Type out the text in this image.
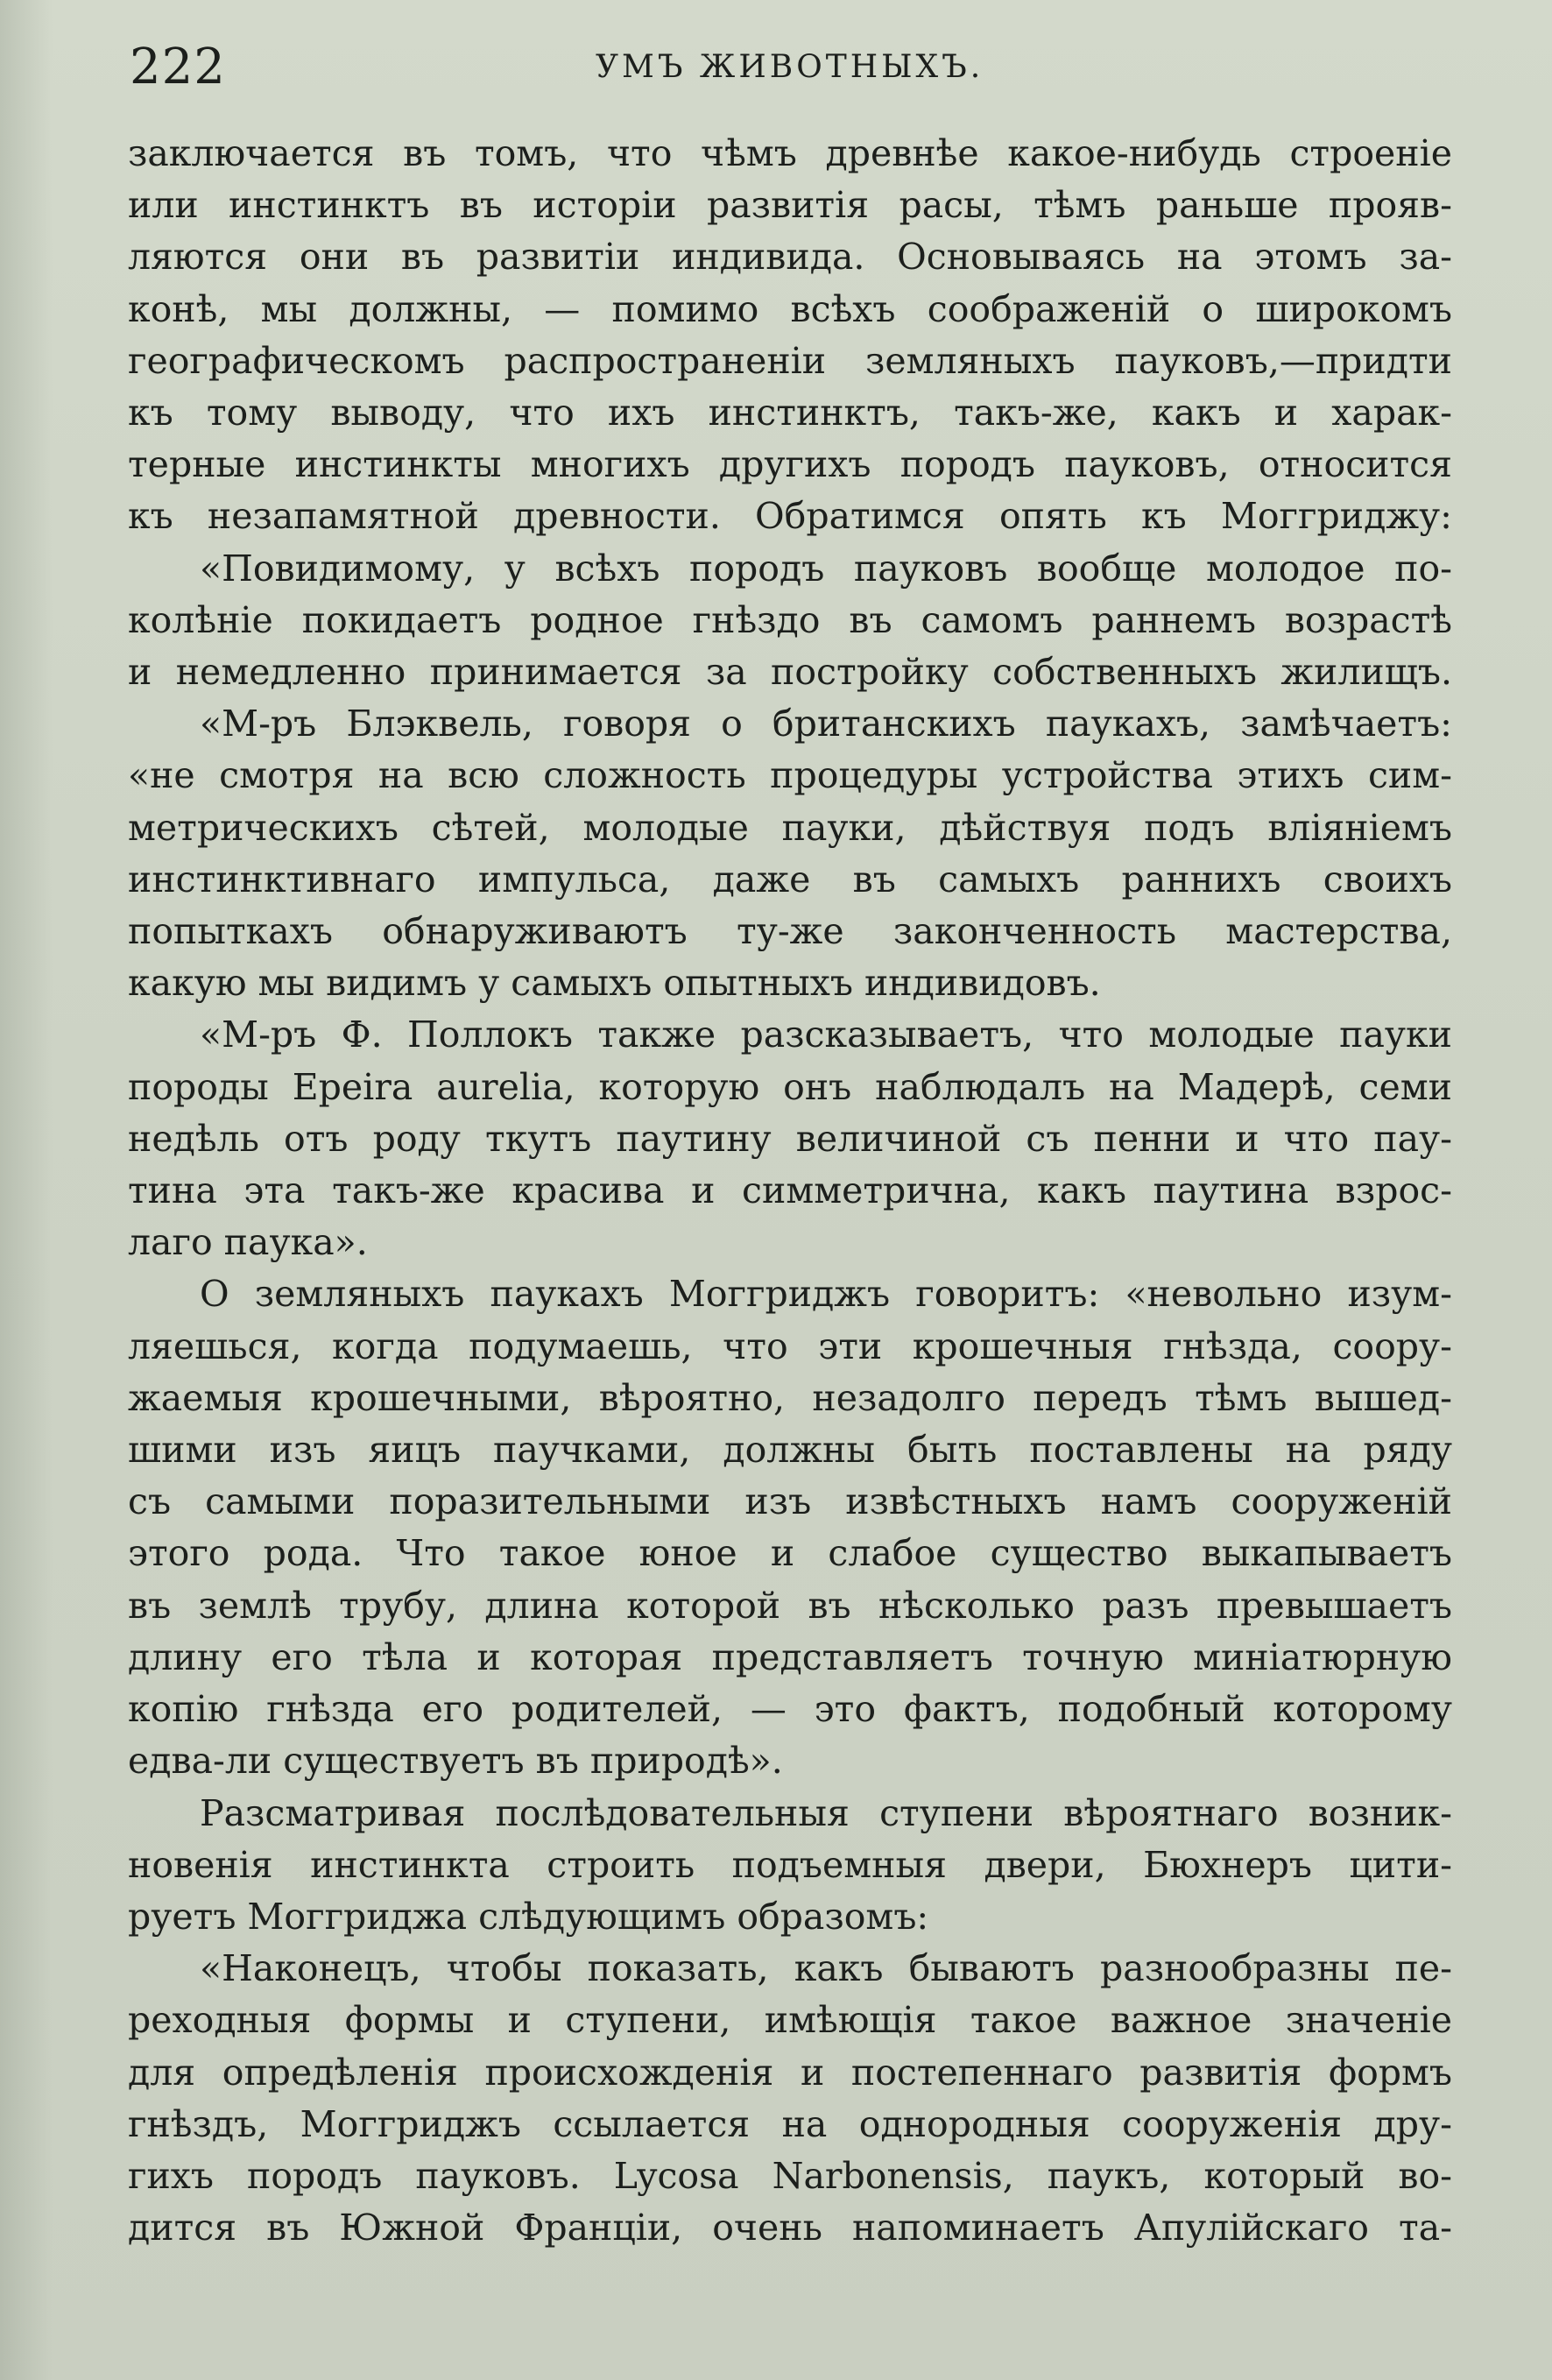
222	УМЪ ЖИВОТНЫХЪ.
заключается въ томъ, что чѣмъ древнѣе какое-нибудь строеніе
или инстинктъ въ исторіи развитія расы, тѣмъ раньше прояв-
ляются они въ развитіи индивида. Основываясь на этомъ за-
конѣ, мы должны, — помимо всѣхъ соображеній о широкомъ
географическомъ распространеніи земляныхъ пауковъ,—придти
къ тому выводу, что ихъ инстинктъ, такъ-же, какъ и харак-
терные инстинкты многихъ другихъ породъ пауковъ, относится
къ незапамятной древности. Обратимся опять къ Моггриджу:
«Повидимому, у всѣхъ породъ пауковъ вообще молодое по-
колѣніе покидаетъ родное гнѣздо въ самомъ раннемъ возрастѣ
и немедленно принимается за постройку собственныхъ жилищъ.
«М-ръ Блэквель, говоря о британскихъ паукахъ, замѣчаетъ:
«не смотря на всю сложность процедуры устройства этихъ сим-
метрическихъ сѣтей, молодые пауки, дѣйствуя подъ вліяніемъ
инстинктивнаго импульса, даже въ самыхъ раннихъ своихъ
попыткахъ обнаруживаютъ ту-же законченность мастерства,
какую мы видимъ у самыхъ опытныхъ индивидовъ.
«М-ръ Ф. Поллокъ также разсказываетъ, что молодые пауки
породы Epeira aurelia, которую онъ наблюдалъ на Мадерѣ, семи
недѣль отъ роду ткутъ паутину величиной съ пенни и что пау-
тина эта такъ-же красива и симметрична, какъ паутина взрос-
лаго паука».
О земляныхъ паукахъ Моггриджъ говоритъ: «невольно изум-
ляешься, когда подумаешь, что эти крошечныя гнѣзда, соору-
жаемыя крошечными, вѣроятно, незадолго передъ тѣмъ вышед-
шими изъ яицъ паучками, должны быть поставлены на ряду
съ самыми поразительными изъ извѣстныхъ намъ сооруженій
этого рода. Что такое юное и слабое существо выкапываетъ
въ землѣ трубу, длина которой въ нѣсколько разъ превышаетъ
длину его тѣла и которая представляетъ точную миніатюрную
копію гнѣзда его родителей, — это фактъ, подобный которому
едва-ли существуетъ въ природѣ».
Разсматривая послѣдовательныя ступени вѣроятнаго возник-
новенія инстинкта строить подъемныя двери, Бюхнеръ цити-
руетъ Моггриджа слѣдующимъ образомъ:
«Наконецъ, чтобы показать, какъ бываютъ разнообразны пе-
реходныя формы и ступени, имѣющія такое важное значеніе
для опредѣленія происхожденія и постепеннаго развитія формъ
гнѣздъ, Моггриджъ ссылается на однородныя сооруженія дру-
гихъ породъ пауковъ. Lycosa Narbonensis, паукъ, который во-
дится въ Южной Франціи, очень напоминаетъ Апулійскаго та-
